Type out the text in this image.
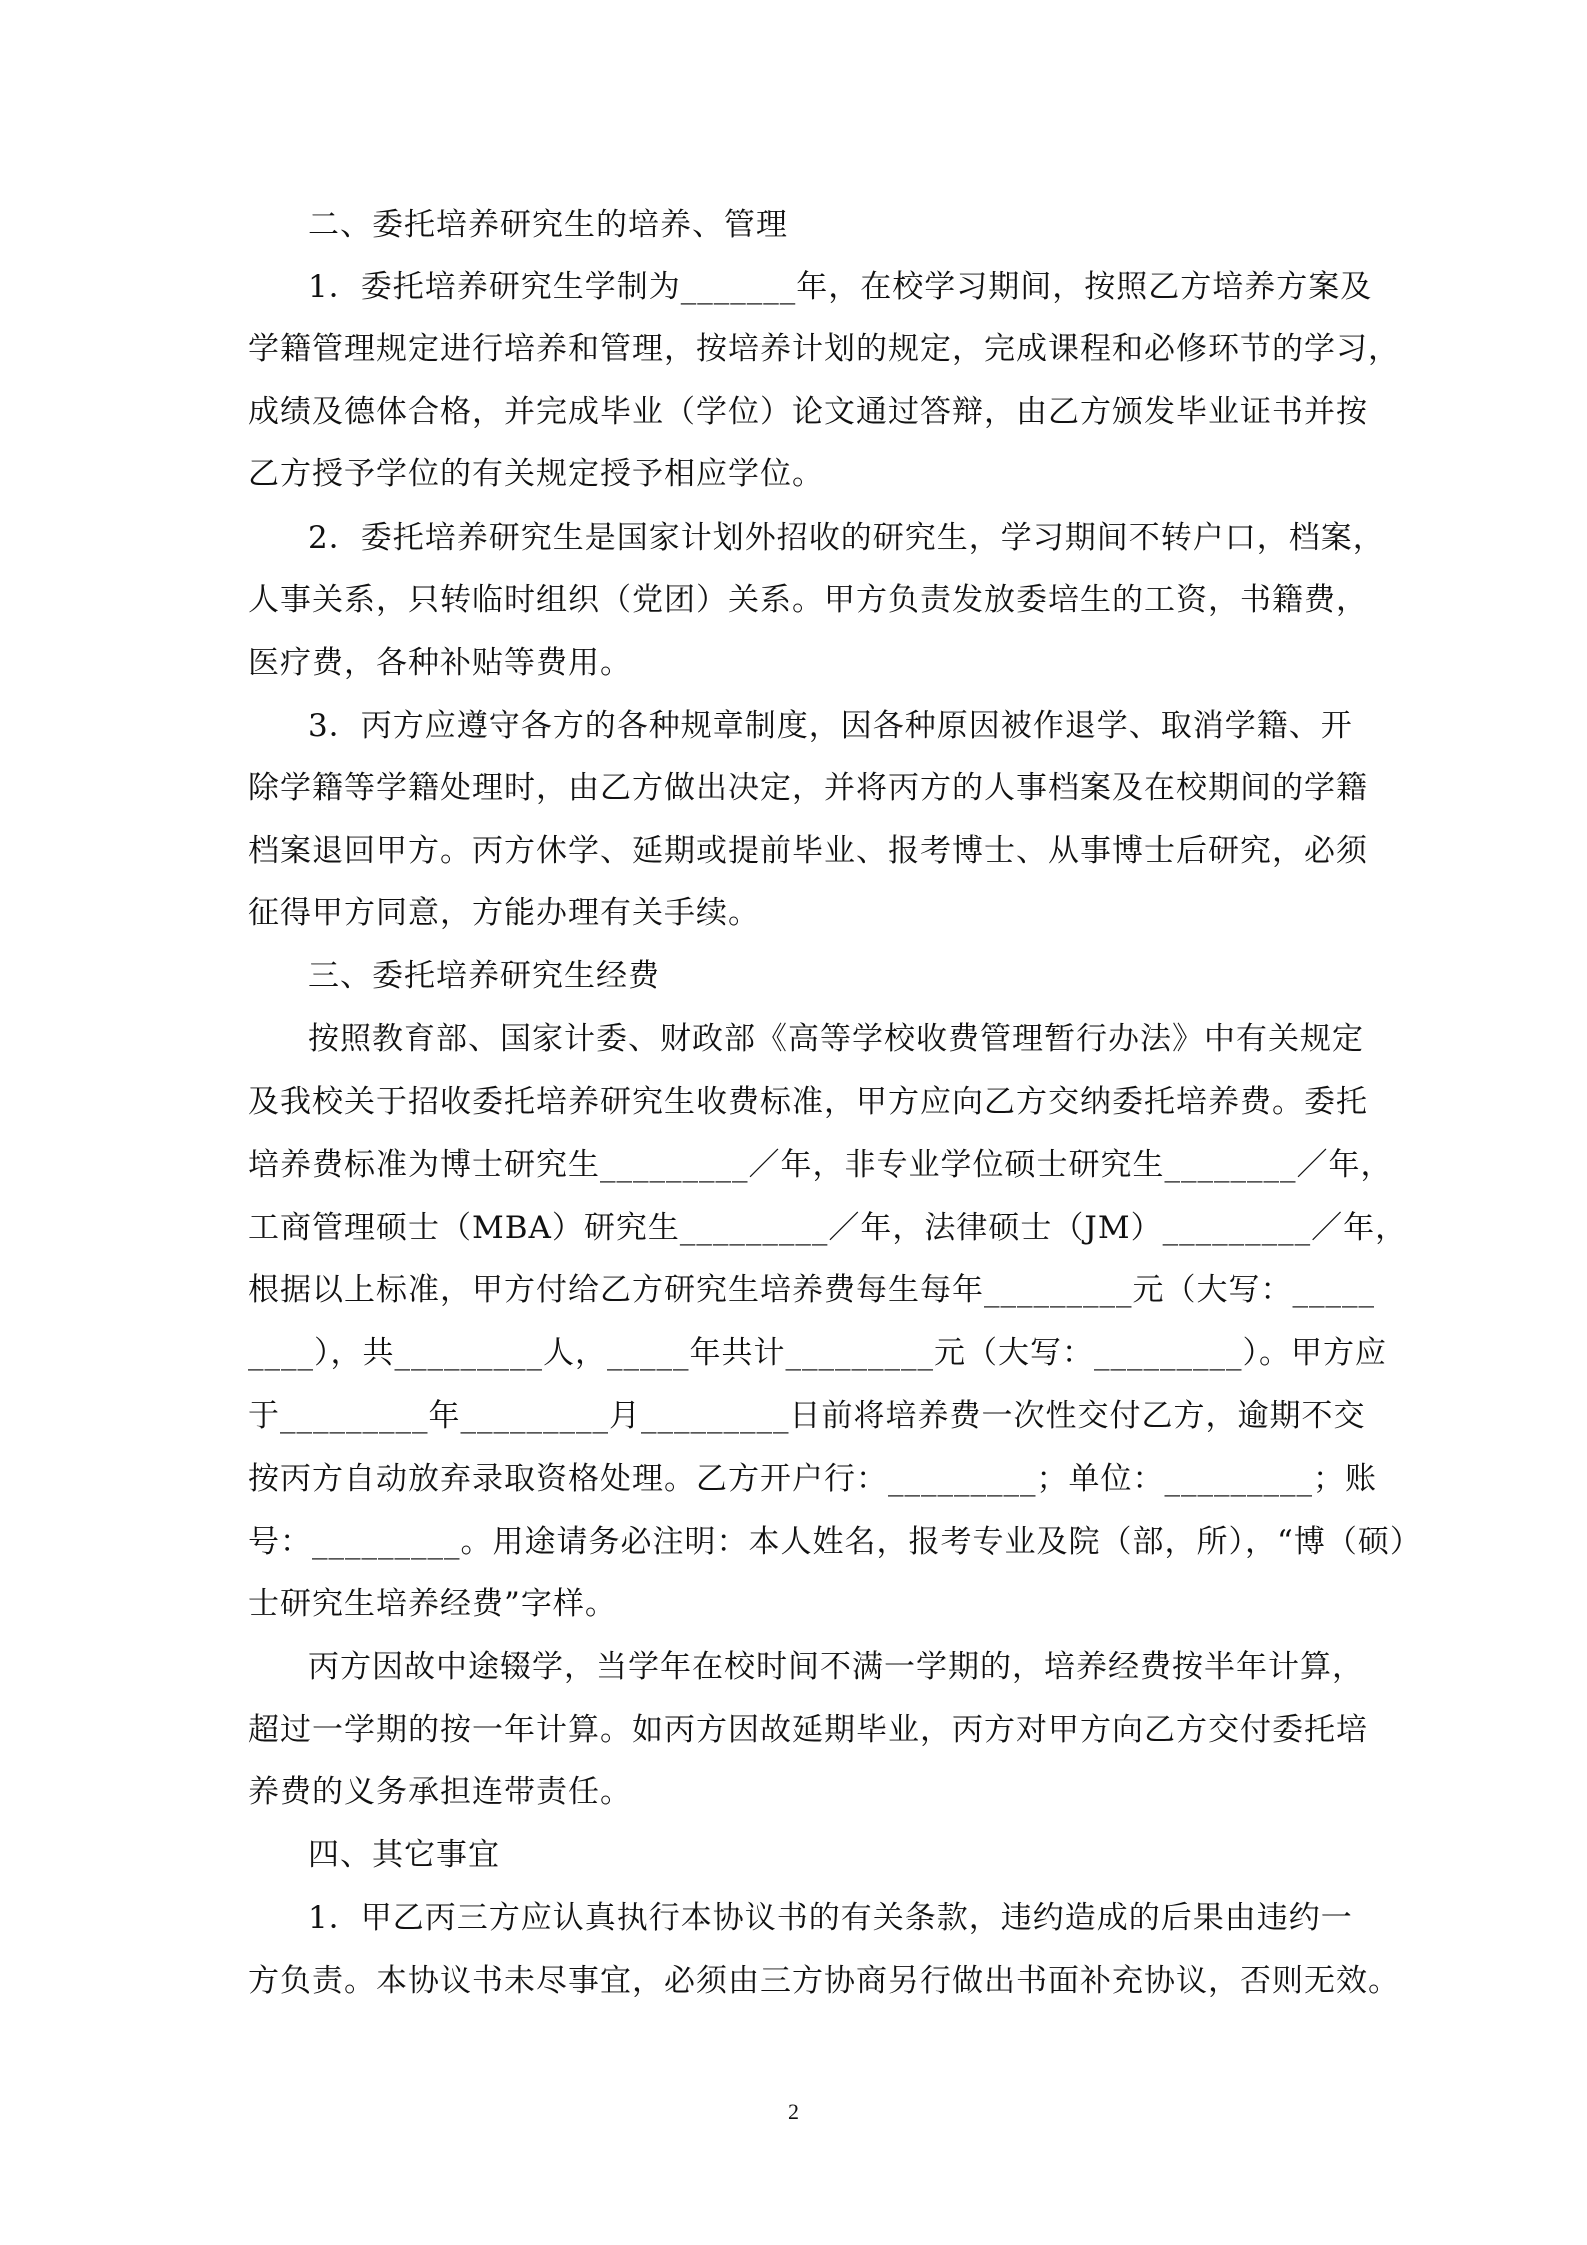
二、委托培养研究生的培养、管理
1．委托培养研究生学制为_______年，在校学习期间，按照乙方培养方案及
学籍管理规定进行培养和管理，按培养计划的规定，完成课程和必修环节的学习，
成绩及德体合格，并完成毕业（学位）论文通过答辩，由乙方颁发毕业证书并按
乙方授予学位的有关规定授予相应学位。
2．委托培养研究生是国家计划外招收的研究生，学习期间不转户口，档案，
人事关系，只转临时组织（党团）关系。甲方负责发放委培生的工资，书籍费，
医疗费，各种补贴等费用。
3．丙方应遵守各方的各种规章制度，因各种原因被作退学、取消学籍、开
除学籍等学籍处理时，由乙方做出决定，并将丙方的人事档案及在校期间的学籍
档案退回甲方。丙方休学、延期或提前毕业、报考博士、从事博士后研究，必须
征得甲方同意，方能办理有关手续。
三、委托培养研究生经费
按照教育部、国家计委、财政部《高等学校收费管理暂行办法》中有关规定
及我校关于招收委托培养研究生收费标准，甲方应向乙方交纳委托培养费。委托
培养费标准为博士研究生_________／年，非专业学位硕士研究生________／年，
工商管理硕士（MBA）研究生_________／年，法律硕士（JM）_________／年，
根据以上标准，甲方付给乙方研究生培养费每生每年_________元（大写：_____
____），共_________人，_____年共计_________元（大写：_________）。甲方应
于_________年_________月_________日前将培养费一次性交付乙方，逾期不交
按丙方自动放弃录取资格处理。乙方开户行：_________；单位：_________；账
号：_________。用途请务必注明：本人姓名，报考专业及院（部，所），“博（硕）
士研究生培养经费”字样。
丙方因故中途辍学，当学年在校时间不满一学期的，培养经费按半年计算，
超过一学期的按一年计算。如丙方因故延期毕业，丙方对甲方向乙方交付委托培
养费的义务承担连带责任。
四、其它事宜
1．甲乙丙三方应认真执行本协议书的有关条款，违约造成的后果由违约一
方负责。本协议书未尽事宜，必须由三方协商另行做出书面补充协议，否则无效。
2
